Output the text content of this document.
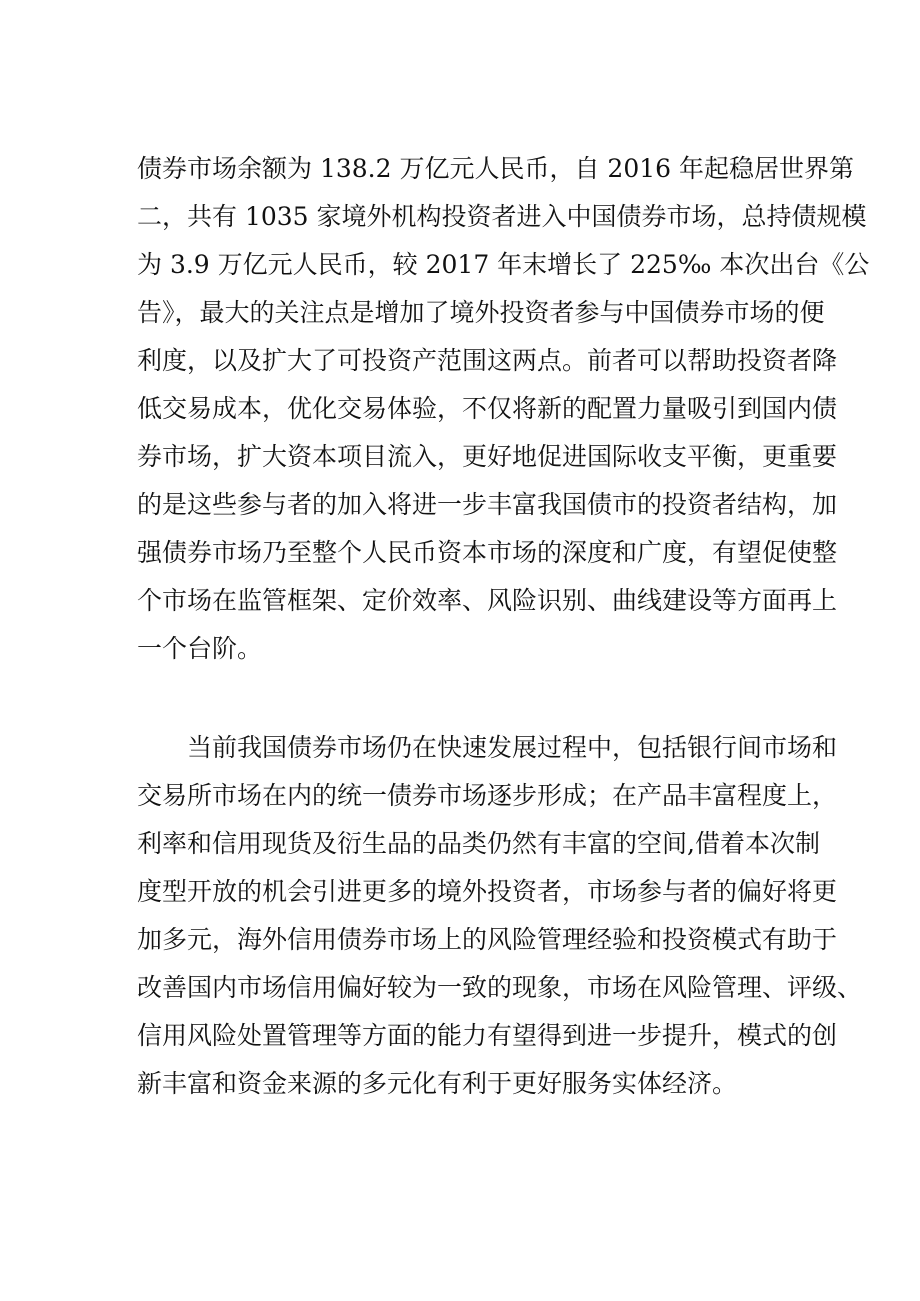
债券市场余额为 138.2 万亿元人民币，自 2016 年起稳居世界第
二，共有 1035 家境外机构投资者进入中国债券市场，总持债规模
为 3.9 万亿元人民币，较 2017 年末增长了 225‰ 本次出台《公
告》，最大的关注点是增加了境外投资者参与中国债券市场的便
利度，以及扩大了可投资产范围这两点。前者可以帮助投资者降
低交易成本，优化交易体验，不仅将新的配置力量吸引到国内债
券市场，扩大资本项目流入，更好地促进国际收支平衡，更重要
的是这些参与者的加入将进一步丰富我国债市的投资者结构，加
强债券市场乃至整个人民币资本市场的深度和广度，有望促使整
个市场在监管框架、定价效率、风险识别、曲线建设等方面再上
一个台阶。
当前我国债券市场仍在快速发展过程中，包括银行间市场和
交易所市场在内的统一债券市场逐步形成；在产品丰富程度上，
利率和信用现货及衍生品的品类仍然有丰富的空间,借着本次制
度型开放的机会引进更多的境外投资者，市场参与者的偏好将更
加多元，海外信用债券市场上的风险管理经验和投资模式有助于
改善国内市场信用偏好较为一致的现象，市场在风险管理、评级、
信用风险处置管理等方面的能力有望得到进一步提升，模式的创
新丰富和资金来源的多元化有利于更好服务实体经济。
